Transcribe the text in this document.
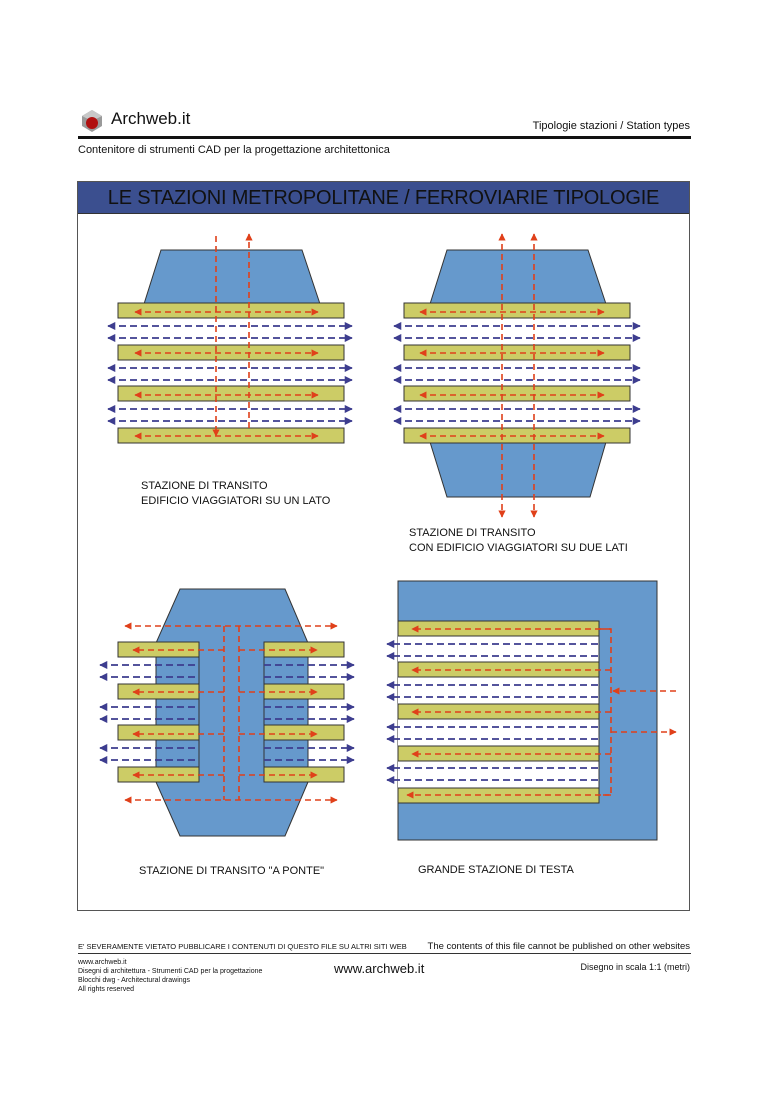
Archweb.it	Tipologie stazioni / Station types
Contenitore di strumenti CAD per la progettazione architettonica
LE STAZIONI METROPOLITANE / FERROVIARIE TIPOLOGIE
STAZIONE DI TRANSITO
EDIFICIO VIAGGIATORI SU UN LATO
STAZIONE DI TRANSITO
CON EDIFICIO VIAGGIATORI SU DUE LATI
STAZIONE DI TRANSITO "A PONTE"	GRANDE STAZIONE DI TESTA
E' SEVERAMENTE VIETATO PUBBLICARE I CONTENUTI DI QUESTO FILE SU ALTRI SITI WEB The contents of this file cannot be published on other websites
www.archweb.it
Disegni di architettura - Strumenti CAD per la progettazione
Blocchi dwg - Architectural drawings
All rights reserved
www.archweb.it	Disegno in scala 1:1 (metri)
